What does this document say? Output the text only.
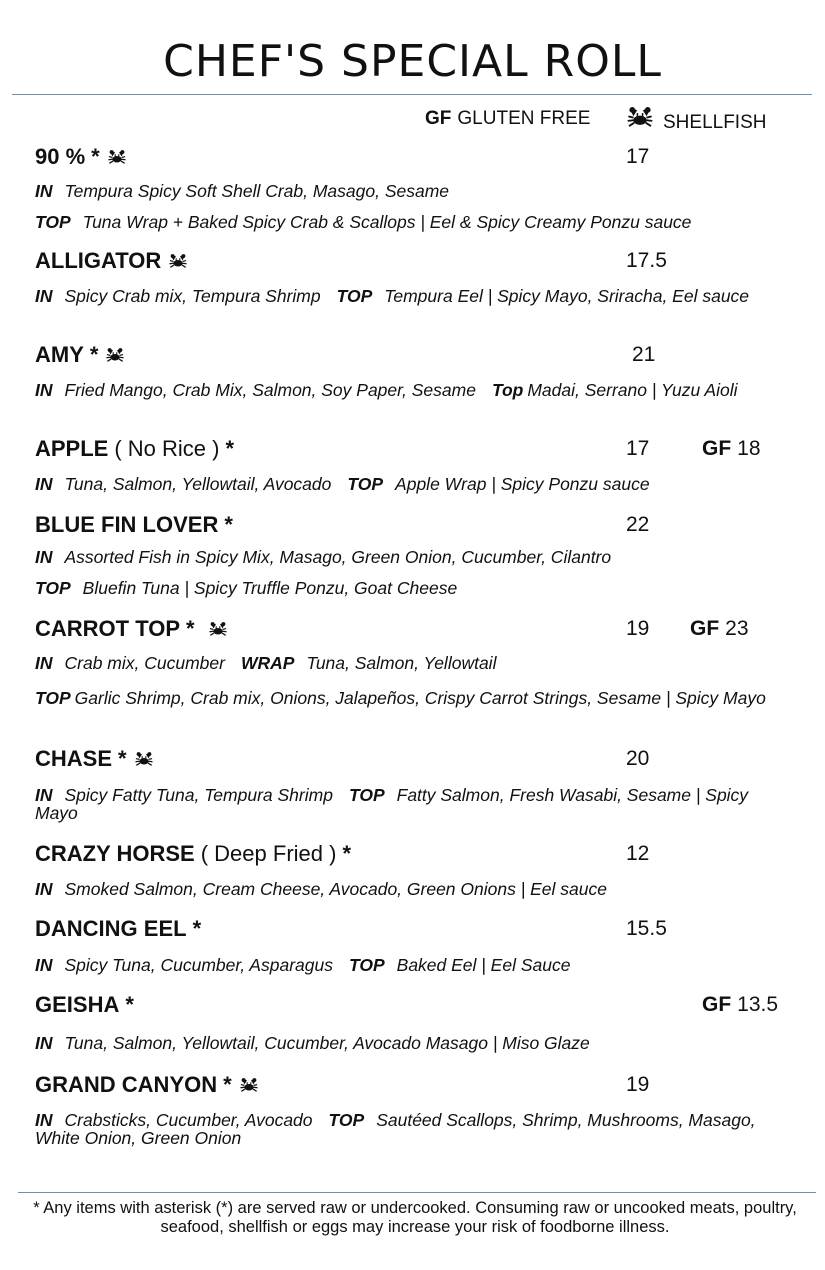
CHEF'S SPECIAL ROLL
GF GLUTEN FREE	SHELLFISH
90 % *	17
IN Tempura Spicy Soft Shell Crab, Masago, Sesame
TOP Tuna Wrap + Baked Spicy Crab & Scallops | Eel & Spicy Creamy Ponzu sauce
ALLIGATOR	17.5
IN Spicy Crab mix, Tempura Shrimp TOP Tempura Eel | Spicy Mayo, Sriracha, Eel sauce
AMY *	21
IN Fried Mango, Crab Mix, Salmon, Soy Paper, Sesame Top Madai, Serrano | Yuzu Aioli
APPLE ( No Rice ) *	17	GF 18
IN Tuna, Salmon, Yellowtail, Avocado TOP Apple Wrap | Spicy Ponzu sauce
BLUE FIN LOVER *	22
IN Assorted Fish in Spicy Mix, Masago, Green Onion, Cucumber, Cilantro
TOP Bluefin Tuna | Spicy Truffle Ponzu, Goat Cheese
CARROT TOP *	19 GF 23
IN Crab mix, Cucumber WRAP Tuna, Salmon, Yellowtail
TOP Garlic Shrimp, Crab mix, Onions, Jalapeños, Crispy Carrot Strings, Sesame | Spicy Mayo
CHASE *	20
IN Spicy Fatty Tuna, Tempura Shrimp TOP Fatty Salmon, Fresh Wasabi, Sesame | Spicy Mayo
CRAZY HORSE ( Deep Fried ) *	12
IN Smoked Salmon, Cream Cheese, Avocado, Green Onions | Eel sauce
DANCING EEL *	15.5
IN Spicy Tuna, Cucumber, Asparagus TOP Baked Eel | Eel Sauce
GEISHA *	GF 13.5
IN Tuna, Salmon, Yellowtail, Cucumber, Avocado Masago | Miso Glaze
GRAND CANYON *	19
IN Crabsticks, Cucumber, Avocado TOP Sautéed Scallops, Shrimp, Mushrooms, Masago, White Onion, Green Onion
* Any items with asterisk (*) are served raw or undercooked. Consuming raw or uncooked meats, poultry, seafood, shellfish or eggs may increase your risk of foodborne illness.
